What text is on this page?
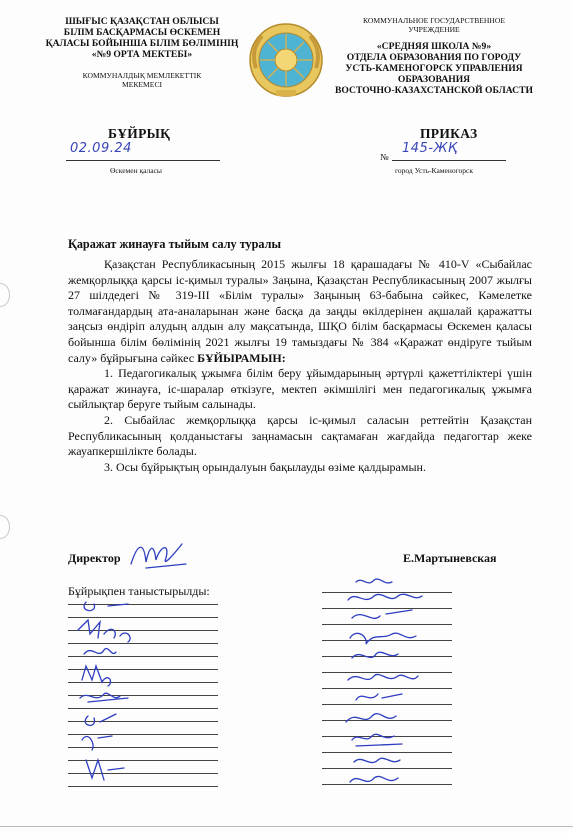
ШЫҒЫС ҚАЗАҚСТАН ОБЛЫСЫ
БІЛІМ БАСҚАРМАСЫ ӨСКЕМЕН
ҚАЛАСЫ БОЙЫНША БІЛІМ БӨЛІМІНІҢ
«№9 ОРТА МЕКТЕБІ»
КОММУНАЛДЫҚ МЕМЛЕКЕТТІК
МЕКЕМЕСІ
КОММУНАЛЬНОЕ ГОСУДАРСТВЕННОЕ
УЧРЕЖДЕНИЕ
«СРЕДНЯЯ ШКОЛА №9»
ОТДЕЛА ОБРАЗОВАНИЯ ПО ГОРОДУ
УСТЬ-КАМЕНОГОРСК УПРАВЛЕНИЯ
ОБРАЗОВАНИЯ
ВОСТОЧНО-КАЗАХСТАНСКОЙ ОБЛАСТИ
БҰЙРЫҚ	ПРИКАЗ
02.09.24
Өскемен қаласы
№
145-ЖҚ
город Усть-Каменогорск
Қаражат жинауға тыйым салу туралы

Қазақстан Республикасының 2015 жылғы 18 қарашадағы № 410-V «Сыбайлас жемқорлыққа қарсы іс-қимыл туралы» Заңына, Қазақстан Республикасының 2007 жылғы 27 шілдедегі № 319-III «Білім туралы» Заңының 63-бабына сәйкес, Кәмелетке толмағандардың ата-аналарынан және басқа да заңды өкілдерінен ақшалай қаражатты заңсыз өндіріп алудың алдын алу мақсатында, ШҚО білім басқармасы Өскемен қаласы бойынша білім бөлімінің 2021 жылғы 19 тамыздағы № 384 «Қаражат өндіруге тыйым салу» бұйрығына сәйкес БҰЙЫРАМЫН:

1. Педагогикалық ұжымға білім беру ұйымдарының әртүрлі қажеттіліктері үшін қаражат жинауға, іс-шаралар өткізуге, мектеп әкімшілігі мен педагогикалық ұжымға сыйлықтар беруге тыйым салынады.

2. Сыбайлас жемқорлыққа қарсы іс-қимыл саласын реттейтін Қазақстан Республикасының қолданыстағы заңнамасын сақтамаған жағдайда педагогтар жеке жауапкершілікте болады.

3. Осы бұйрықтың орындалуын бақылауды өзіме қалдырамын.

Директор	Е.Мартыневская
Бұйрықпен таныстырылды:
